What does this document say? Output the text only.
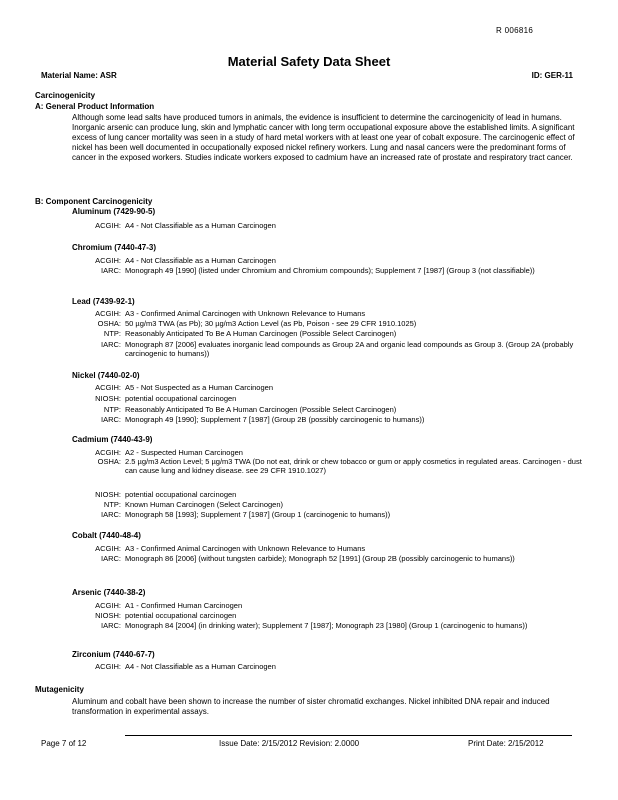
R 006816
Material Safety Data Sheet
Material Name: ASR	ID: GER-11
Carcinogenicity
A: General Product Information
Although some lead salts have produced tumors in animals, the evidence is insufficient to determine the carcinogenicity of lead in humans. Inorganic arsenic can produce lung, skin and lymphatic cancer with long term occupational exposure above the established limits. A significant excess of lung cancer mortality was seen in a study of hard metal workers with at least one year of cobalt exposure. The carcinogenic effect of nickel has been well documented in occupationally exposed nickel refinery workers. Lung and nasal cancers were the predominant forms of cancer in the exposed workers. Studies indicate workers exposed to cadmium have an increased rate of prostate and respiratory tract cancer.
B: Component Carcinogenicity
Aluminum (7429-90-5)
ACGIH: A4 - Not Classifiable as a Human Carcinogen
Chromium (7440-47-3)
ACGIH: A4 - Not Classifiable as a Human Carcinogen
IARC: Monograph 49 [1990] (listed under Chromium and Chromium compounds); Supplement 7 [1987] (Group 3 (not classifiable))
Lead (7439-92-1)
ACGIH: A3 - Confirmed Animal Carcinogen with Unknown Relevance to Humans
OSHA: 50 µg/m3 TWA (as Pb); 30 µg/m3 Action Level (as Pb, Poison - see 29 CFR 1910.1025)
NTP: Reasonably Anticipated To Be A Human Carcinogen (Possible Select Carcinogen)
IARC: Monograph 87 [2006] evaluates inorganic lead compounds as Group 2A and organic lead compounds as Group 3. (Group 2A (probably carcinogenic to humans))
Nickel (7440-02-0)
ACGIH: A5 - Not Suspected as a Human Carcinogen
NIOSH: potential occupational carcinogen
NTP: Reasonably Anticipated To Be A Human Carcinogen (Possible Select Carcinogen)
IARC: Monograph 49 [1990]; Supplement 7 [1987] (Group 2B (possibly carcinogenic to humans))
Cadmium (7440-43-9)
ACGIH: A2 - Suspected Human Carcinogen
OSHA: 2.5 µg/m3 Action Level; 5 µg/m3 TWA (Do not eat, drink or chew tobacco or gum or apply cosmetics in regulated areas. Carcinogen - dust can cause lung and kidney disease. see 29 CFR 1910.1027)
NIOSH: potential occupational carcinogen
NTP: Known Human Carcinogen (Select Carcinogen)
IARC: Monograph 58 [1993]; Supplement 7 [1987] (Group 1 (carcinogenic to humans))
Cobalt (7440-48-4)
ACGIH: A3 - Confirmed Animal Carcinogen with Unknown Relevance to Humans
IARC: Monograph 86 [2006] (without tungsten carbide); Monograph 52 [1991] (Group 2B (possibly carcinogenic to humans))
Arsenic (7440-38-2)
ACGIH: A1 - Confirmed Human Carcinogen
NIOSH: potential occupational carcinogen
IARC: Monograph 84 [2004] (in drinking water); Supplement 7 [1987]; Monograph 23 [1980] (Group 1 (carcinogenic to humans))
Zirconium (7440-67-7)
ACGIH: A4 - Not Classifiable as a Human Carcinogen
Mutagenicity
Aluminum and cobalt have been shown to increase the number of sister chromatid exchanges. Nickel inhibited DNA repair and induced transformation in experimental assays.
Page 7 of 12	Issue Date: 2/15/2012 Revision: 2.0000	Print Date: 2/15/2012
